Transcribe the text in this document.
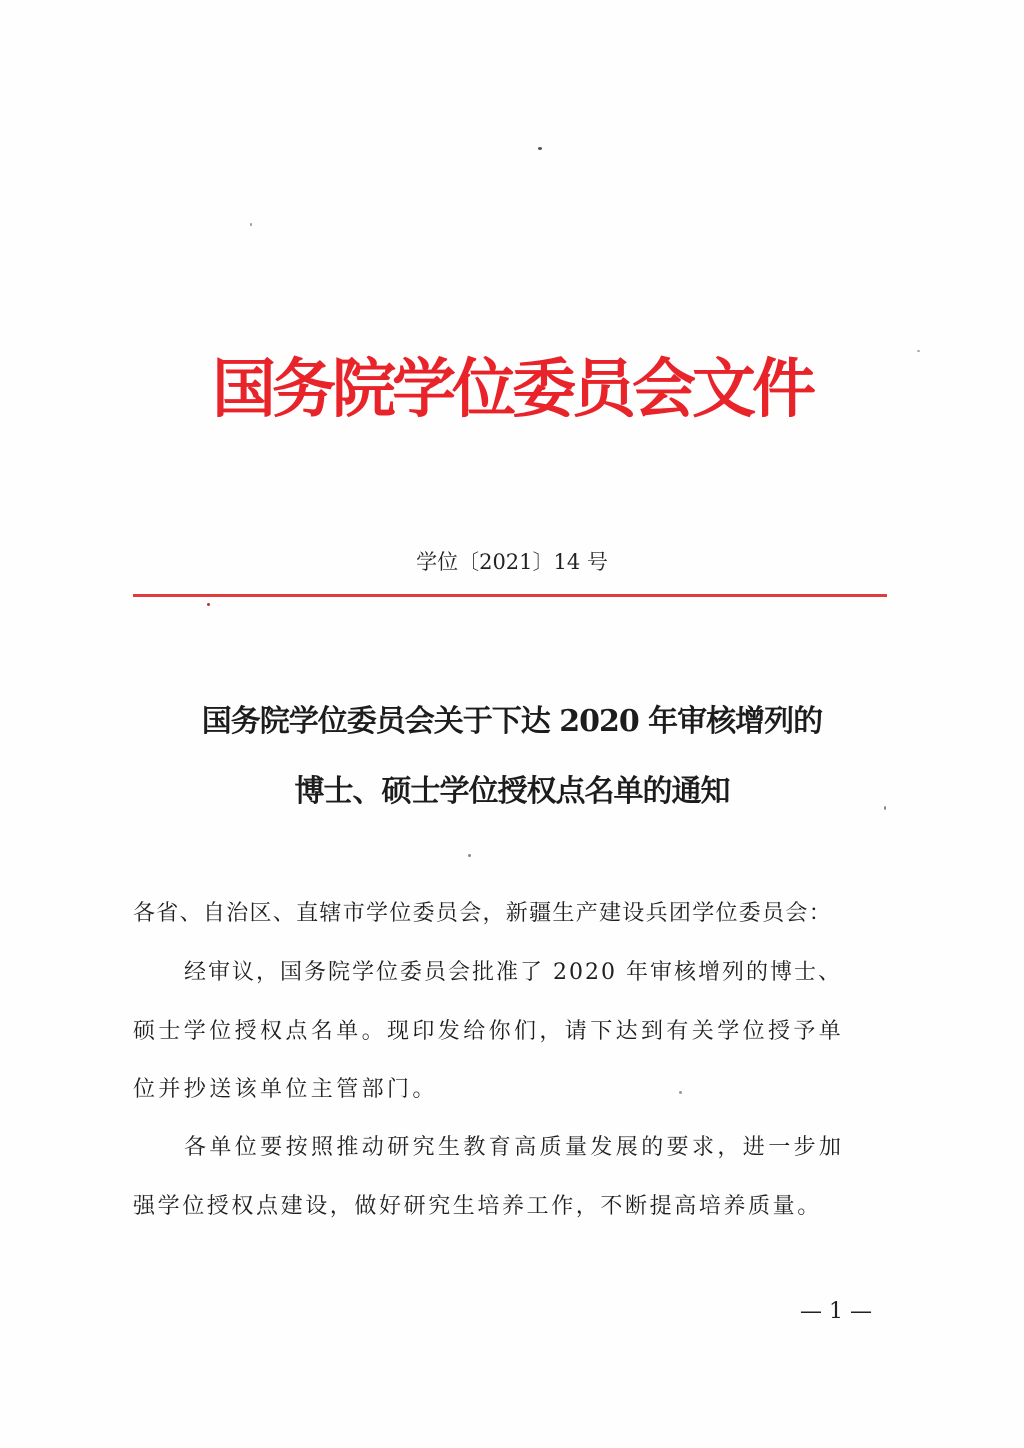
国务院学位委员会文件
学位〔2021〕14 号
国务院学位委员会关于下达 2020 年审核增列的
博士、硕士学位授权点名单的通知
各省、自治区、直辖市学位委员会，新疆生产建设兵团学位委员会：
经审议，国务院学位委员会批准了 2020 年审核增列的博士、
硕士学位授权点名单。现印发给你们，请下达到有关学位授予单
位并抄送该单位主管部门。
各单位要按照推动研究生教育高质量发展的要求，进一步加
强学位授权点建设，做好研究生培养工作，不断提高培养质量。
— 1 —
